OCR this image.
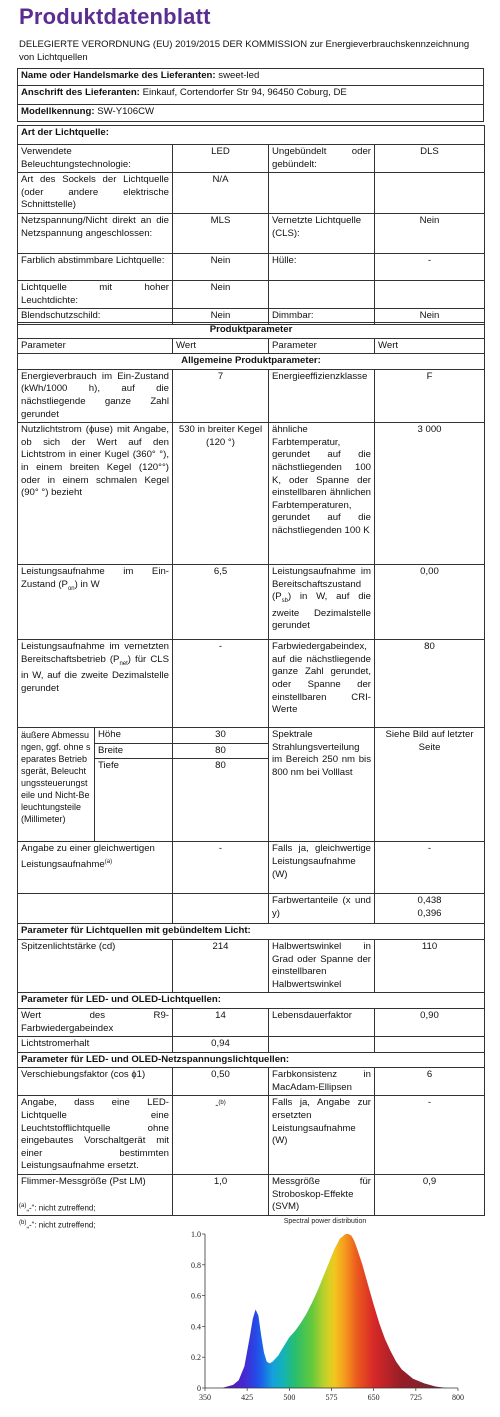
Produktdatenblatt
DELEGIERTE VERORDNUNG (EU) 2019/2015 DER KOMMISSION zur Energieverbrauchskennzeichnung von Lichtquellen
Name oder Handelsmarke des Lieferanten: sweet-led
Anschrift des Lieferanten: Einkauf, Cortendorfer Str 94, 96450 Coburg, DE
Modellkennung: SW-Y106CW
Art der Lichtquelle:			
Verwendete Beleuchtungstechnologie:	LED	Ungebündelt oder gebündelt:	DLS
Art des Sockels der Lichtquelle (oder andere elektrische Schnittstelle)	N/A		
Netzspannung/Nicht direkt an die Netzspannung angeschlossen:	MLS	Vernetzte Lichtquelle (CLS):	Nein
Farblich abstimmbare Lichtquelle:	Nein	Hülle:	-
Lichtquelle mit hoher Leuchtdichte:	Nein		
Blendschutzschild:	Nein	Dimmbar:	Nein
Produktparameter				
Parameter		Wert	Parameter	Wert
Allgemeine Produktparameter:				
Energieverbrauch im Ein-Zustand (kWh/1000 h), auf die nächstliegende ganze Zahl gerundet		7	Energieeffizienzklasse	F
Nutzlichtstrom (ɸuse) mit Angabe, ob sich der Wert auf den Lichtstrom in einer Kugel (360° °), in einem breiten Kegel (120°°) oder in einem schmalen Kegel (90° °) bezieht		530 in breiter Kegel (120 °)	ähnliche Farbtemperatur, gerundet auf die nächstliegenden 100 K, oder Spanne der einstellbaren ähnlichen Farbtemperaturen, gerundet auf die nächstliegenden 100 K	3 000
Leistungsaufnahme im Ein-Zustand $(P_{on})$ in W		6,5	Leistungsaufnahme im Bereitschaftszustand $(P_{sb})$ in W, auf die zweite Dezimalstelle gerundet	0,00
Leistungsaufnahme im vernetzten Bereitschaftsbetrieb $(P_{net})$ für CLS in W, auf die zweite Dezimalstelle gerundet		-	Farbwiedergabeindex, auf die nächstliegende ganze Zahl gerundet, oder Spanne der einstellbaren CRI-Werte	80
äußere Abmessungen, ggf. ohne separates Betriebsgerät, Beleuchtungssteuerungsteile und Nicht-Beleuchtungsteile (Millimeter)	Höhe	30	Spektrale Strahlungsverteilung im Bereich 250 nm bis 800 nm bei Volllast	Siehe Bild auf letzter Seite
	Breite	80		
	Tiefe	80		
Angabe zu einer gleichwertigen Leistungsaufnahme$^{(a)}$		-	Falls ja, gleichwertige Leistungsaufnahme (W)	-
			Farbwertanteile (x und y)	0,438
0,396
Parameter für Lichtquellen mit gebündeltem Licht:				
Spitzenlichtstärke (cd)		214	Halbwertswinkel in Grad oder Spanne der einstellbaren Halbwertswinkel	110
Parameter für LED- und OLED-Lichtquellen:				
Wert des R9-Farbwiedergabeindex		14	Lebensdauerfaktor	0,90
Lichtstromerhalt		0,94		
Parameter für LED- und OLED-Netzspannungslichtquellen:				
Verschiebungsfaktor (cos ɸ1)		0,50	Farbkonsistenz in MacAdam-Ellipsen	6
Angabe, dass eine LED-Lichtquelle eine Leuchtstofflichtquelle ohne eingebautes Vorschaltgerät mit einer bestimmten Leistungsaufnahme ersetzt.		-$^{(b)}$	Falls ja, Angabe zur ersetzten Leistungsaufnahme (W)	-
Flimmer-Messgröße (Pst LM)		1,0	Messgröße für Stroboskop-Effekte (SVM)	0,9
$^{(a)}$„-“: nicht zutreffend;
$^{(b)}$„-“: nicht zutreffend;	Spectral power distribution
350	425	500	575	650	725	800
0
0.2
0.4
0.6
0.8
1.0
